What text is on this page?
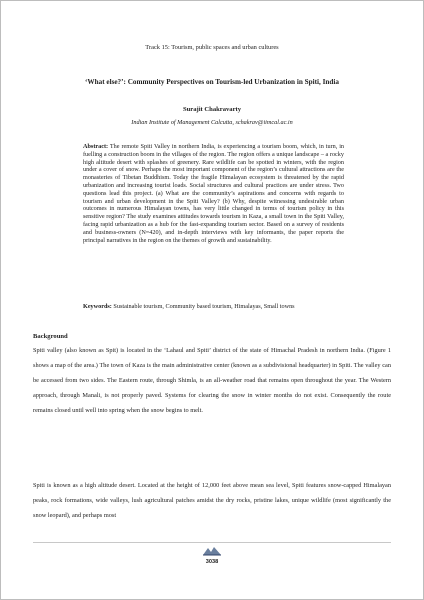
Track 15: Tourism, public spaces and urban cultures
‘What else?’: Community Perspectives on Tourism-led Urbanization in Spiti, India
Surajit Chakravarty
Indian Institute of Management Calcutta, schakrav@iimcal.ac.in
Abstract: The remote Spiti Valley in northern India, is experiencing a tourism boom, which, in turn, in fuelling a construction boom in the villages of the region. The region offers a unique landscape – a rocky high altitude desert with splashes of greenery. Rare wildlife can be spotted in winters, with the region under a cover of snow. Perhaps the most important component of the region’s cultural attractions are the monasteries of Tibetan Buddhism. Today the fragile Himalayan ecosystem is threatened by the rapid urbanization and increasing tourist loads. Social structures and cultural practices are under stress. Two questions lead this project. (a) What are the community’s aspirations and concerns with regards to tourism and urban development in the Spiti Valley? (b) Why, despite witnessing undesirable urban outcomes in numerous Himalayan towns, has very little changed in terms of tourism policy in this sensitive region? The study examines attitudes towards tourism in Kaza, a small town in the Spiti Valley, facing rapid urbanization as a hub for the fast-expanding tourism sector. Based on a survey of residents and business-owners (N=420), and in-depth interviews with key informants, the paper reports the principal narratives in the region on the themes of growth and sustainability.
Keywords: Sustainable tourism, Community based tourism, Himalayas, Small towns
Background
Spiti valley (also known as Spit) is located in the ‘Lahaul and Spiti’ district of the state of Himachal Pradesh in northern India. (Figure 1 shows a map of the area.) The town of Kaza is the main administrative center (known as a subdivisional headquarter) in Spiti. The valley can be accessed from two sides. The Eastern route, through Shimla, is an all-weather road that remains open throughout the year. The Western approach, through Manali, is not properly paved. Systems for clearing the snow in winter months do not exist. Consequently the route remains closed until well into spring when the snow begins to melt.
Spiti is known as a high altitude desert. Located at the height of 12,000 feet above mean sea level, Spiti features snow-capped Himalayan peaks, rock formations, wide valleys, lush agricultural patches amidst the dry rocks, pristine lakes, unique wildlife (most significantly the snow leopard), and perhaps most
3038
